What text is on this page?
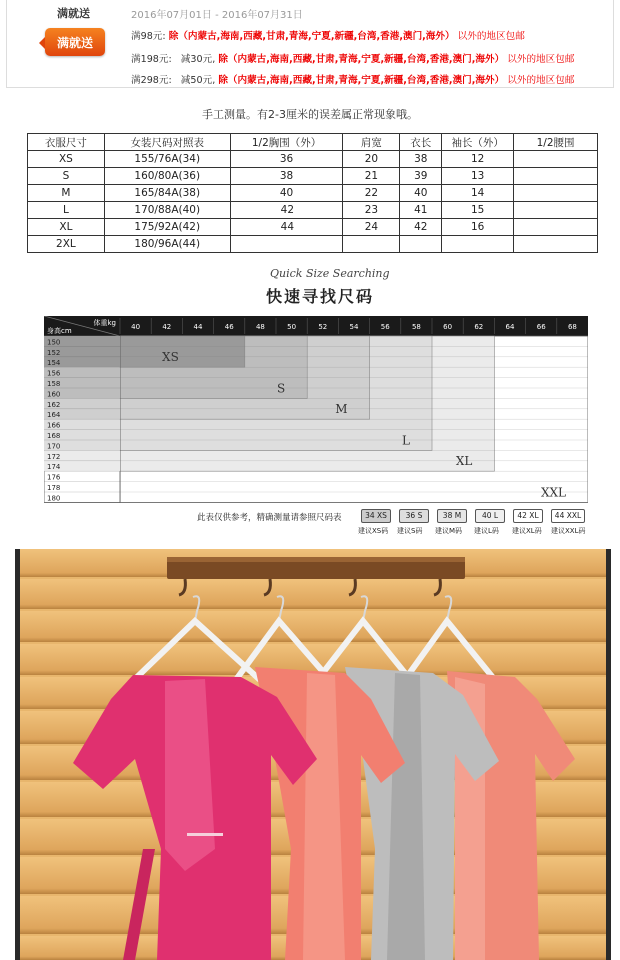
满就送	2016年07月01日 - 2016年07月31日
满就送	满98元: 除（内蒙古,海南,西藏,甘肃,青海,宁夏,新疆,台湾,香港,澳门,海外） 以外的地区包邮
满198元: 减30元, 除（内蒙古,海南,西藏,甘肃,青海,宁夏,新疆,台湾,香港,澳门,海外） 以外的地区包邮
满298元: 减50元, 除（内蒙古,海南,西藏,甘肃,青海,宁夏,新疆,台湾,香港,澳门,海外） 以外的地区包邮
手工测量。有2-3厘米的误差属正常现象哦。
衣服尺寸	女装尺码对照表	1/2胸围（外）	肩宽	衣长	袖长（外）	1/2腰围
XS	155/76A(34)	36	20	38	12	
S	160/80A(36)	38	21	39	13	
M	165/84A(38)	40	22	40	14	
L	170/88A(40)	42	23	41	15	
XL	175/92A(42)	44	24	42	16	
2XL	180/96A(44)					
Quick Size Searching
快速寻找尺码
体重kg
身高cm	40	42	44	46	48	50	52	54	56	58	60	62	64	66	68
150
152
154
156
158
160
162
164
166
168
170
172
174
176
178
180
XS
S
M
L
XL
XXL
此表仅供参考，精确测量请参照尺码表	34 XS	36 S	38 M	40 L	42 XL	44 XXL
建议XS码 建议S码 建议M码 建议L码 建议XL码 建议XXL码
